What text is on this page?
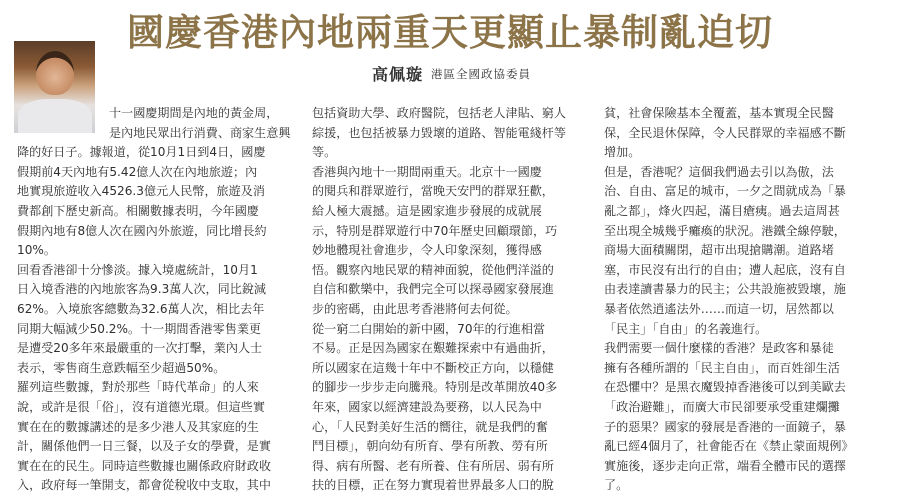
國慶香港內地兩重天更顯止暴制亂迫切
高佩璇 港區全國政協委員
十一國慶期間是內地的黃金周，
是內地民眾出行消費、商家生意興
降的好日子。據報道，從10月1日到4日，國慶
假期前4天內地有5.42億人次在內地旅遊；內
地實現旅遊收入4526.3億元人民幣，旅遊及消
費都創下歷史新高。相關數據表明，今年國慶
假期內地有8億人次在國內外旅遊，同比增長約
10%。
回看香港卻十分慘淡。據入境處統計，10月1
日入境香港的內地旅客為9.3萬人次，同比銳減
62%。入境旅客總數為32.6萬人次，相比去年
同期大幅減少50.2%。十一期間香港零售業更
是遭受20多年來最嚴重的一次打擊，業內人士
表示，零售商生意跌幅至少超過50%。
羅列這些數據，對於那些「時代革命」的人來
說，或許是很「俗」，沒有道德光環。但這些實
實在在的數據講述的是多少港人及其家庭的生
計，關係他們一日三餐，以及子女的學費，是實
實在在的民生。同時這些數據也關係政府財政收
入，政府每一筆開支，都會從稅收中支取，其中
包括資助大學、政府醫院，包括老人津貼、窮人
綜援，也包括被暴力毀壞的道路、智能電綫杆等
等。
香港與內地十一期間兩重天。北京十一國慶
的閱兵和群眾遊行，當晚天安門的群眾狂歡，
給人極大震撼。這是國家進步發展的成就展
示，特別是群眾遊行中70年歷史回顧環節，巧
妙地體現社會進步，令人印象深刻，獲得感
悟。觀察內地民眾的精神面貌，從他們洋溢的
自信和歡樂中，我們完全可以探尋國家發展進
步的密碼，由此思考香港將何去何從。
從一窮二白開始的新中國，70年的行進相當
不易。正是因為國家在艱難探索中有過曲折，
所以國家在這幾十年中不斷校正方向，以穩健
的腳步一步步走向騰飛。特別是改革開放40多
年來，國家以經濟建設為要務，以人民為中
心，「人民對美好生活的嚮往，就是我們的奮
鬥目標」，朝向幼有所育、學有所教、勞有所
得、病有所醫、老有所養、住有所居、弱有所
扶的目標，正在努力實現着世界最多人口的脫
貧，社會保險基本全覆蓋，基本實現全民醫
保，全民退休保障，令人民群眾的幸福感不斷
增加。
但是，香港呢？這個我們過去引以為傲，法
治、自由、富足的城市，一夕之間就成為「暴
亂之都」，烽火四起，滿目瘡痍。過去這周甚
至出現全城幾乎癱瘓的狀況。港鐵全線停駛，
商場大面積關閉，超市出現搶購潮。道路堵
塞，市民沒有出行的自由；遭人起底，沒有自
由表達讀書暴力的民主；公共設施被毀壞，施
暴者依然逍遙法外……而這一切，居然都以
「民主」「自由」的名義進行。
我們需要一個什麼樣的香港？是政客和暴徒
擁有各種所謂的「民主自由」，而百姓卻生活
在恐懼中？是黑衣魔毀掉香港後可以到美歐去
「政治避難」，而廣大市民卻要承受重建爛攤
子的惡果？國家的發展是香港的一面鏡子，暴
亂已經4個月了，社會能否在《禁止蒙面規例》
實施後，逐步走向正常，端看全體市民的選擇
了。
